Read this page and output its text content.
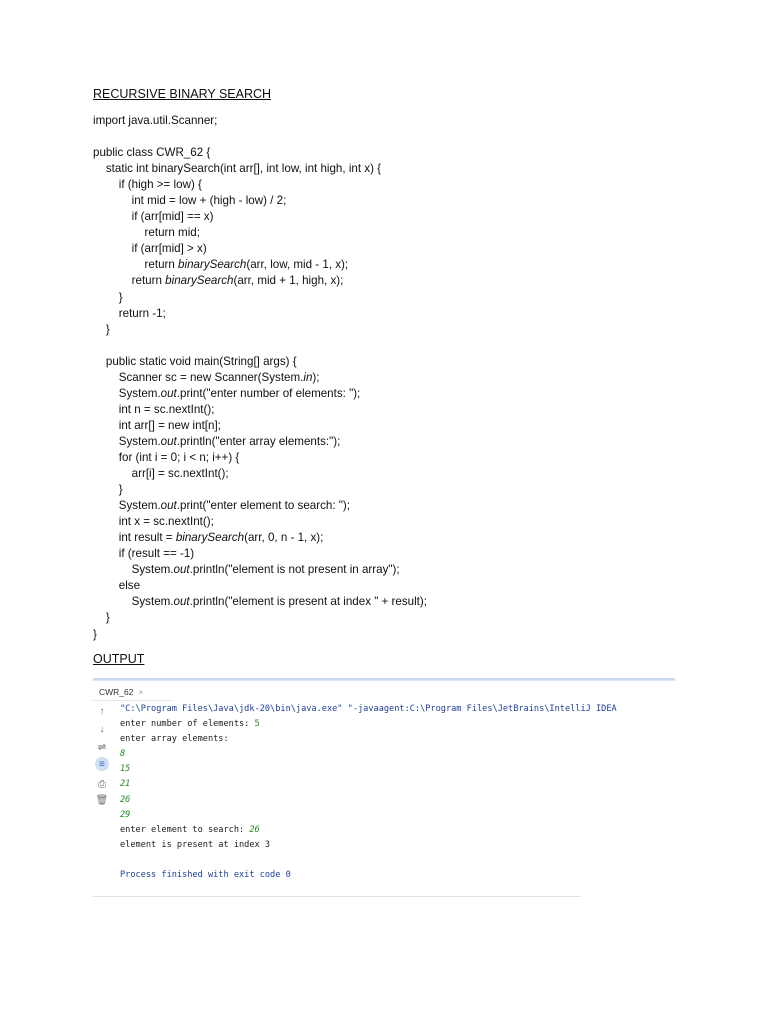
RECURSIVE BINARY SEARCH
import java.util.Scanner;

public class CWR_62 {
static int binarySearch(int arr[], int low, int high, int x) {
if (high >= low) {
int mid = low + (high - low) / 2;
if (arr[mid] == x)
return mid;
if (arr[mid] > x)
return binarySearch(arr, low, mid - 1, x);
return binarySearch(arr, mid + 1, high, x);
}
return -1;
}

public static void main(String[] args) {
Scanner sc = new Scanner(System.in);
System.out.print("enter number of elements: ");
int n = sc.nextInt();
int arr[] = new int[n];
System.out.println("enter array elements:");
for (int i = 0; i < n; i++) {
arr[i] = sc.nextInt();
}
System.out.print("enter element to search: ");
int x = sc.nextInt();
int result = binarySearch(arr, 0, n - 1, x);
if (result == -1)
System.out.println("element is not present in array");
else
System.out.println("element is present at index " + result);
}
}
OUTPUT
CWR_62 ×
↑
↓
⇌
≡
⎙
🗑
"C:\Program Files\Java\jdk-20\bin\java.exe" "-javaagent:C:\Program Files\JetBrains\IntelliJ IDEA
enter number of elements: 5
enter array elements:
8
15
21
26
29
enter element to search: 26
element is present at index 3

Process finished with exit code 0
